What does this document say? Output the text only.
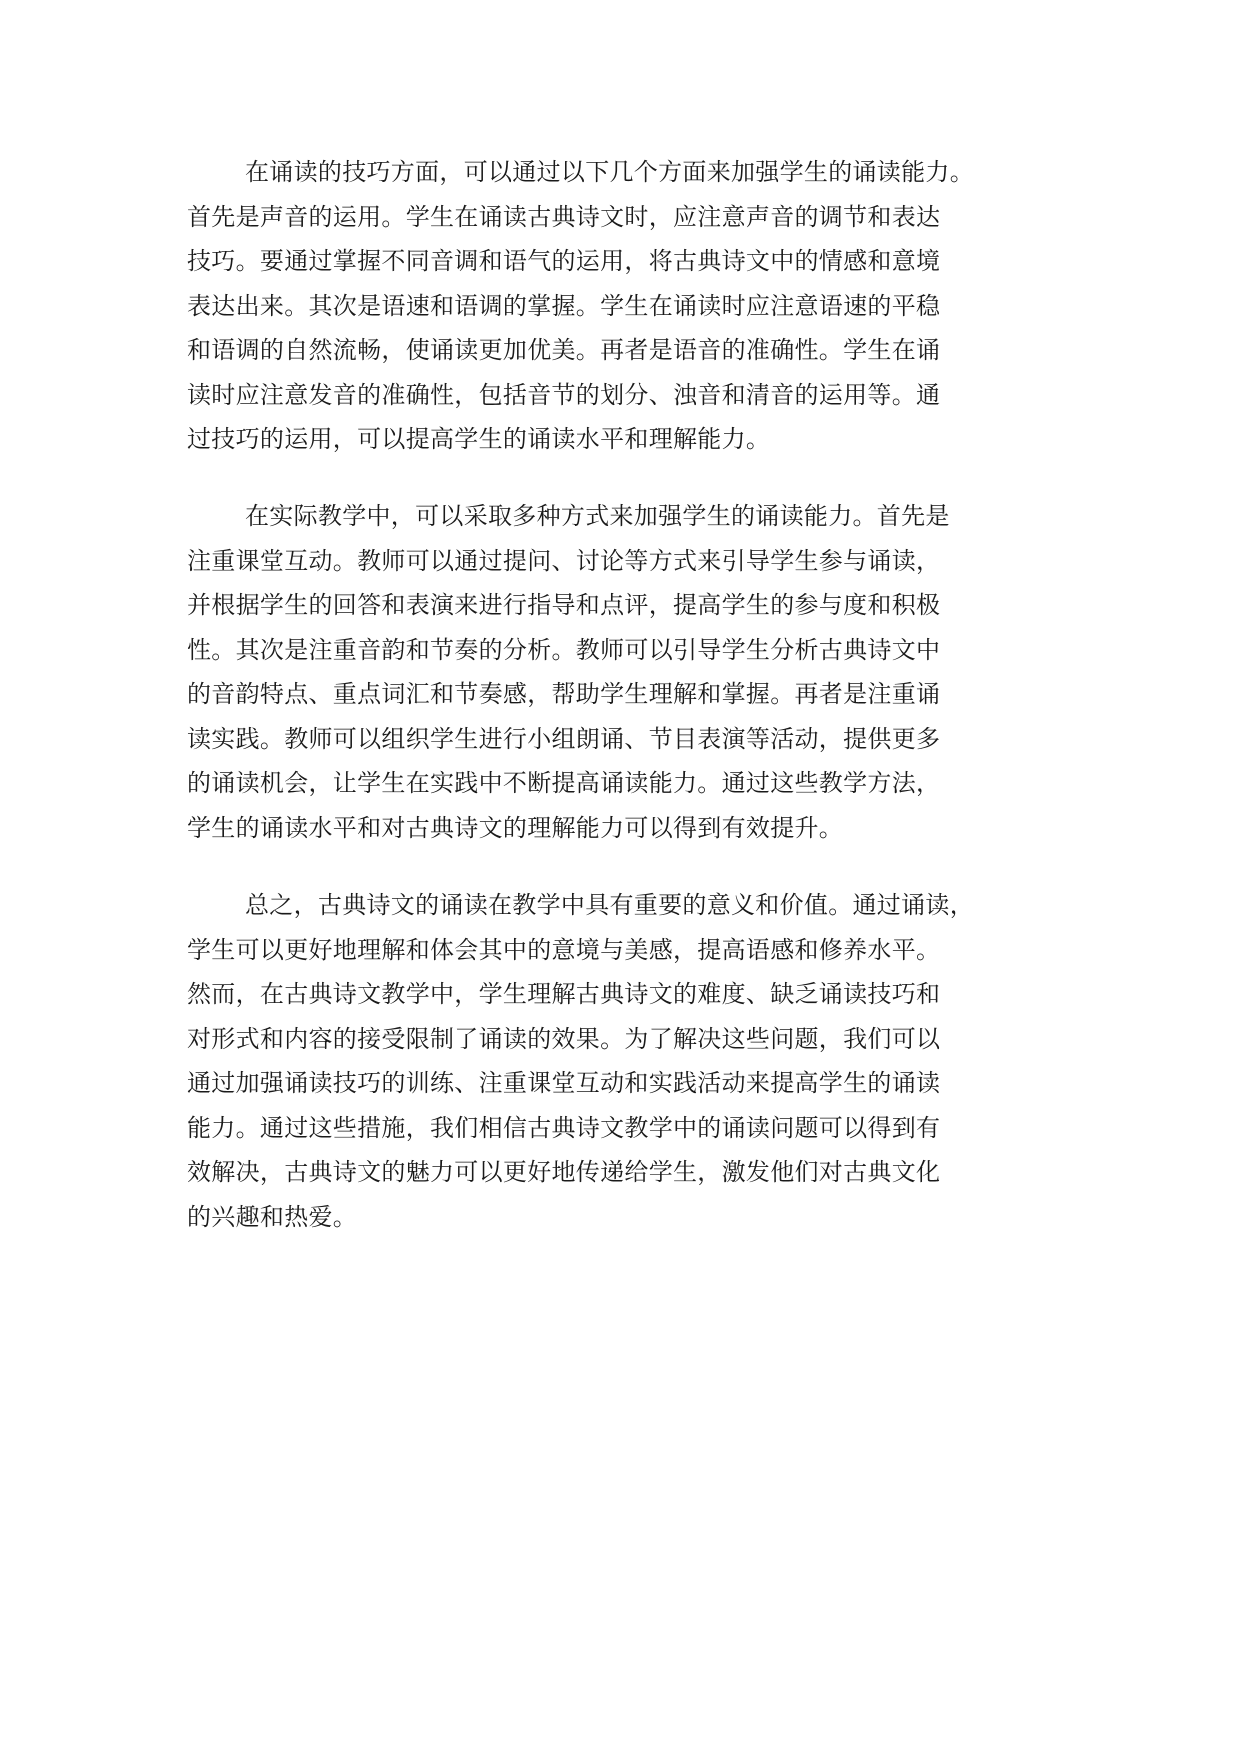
在诵读的技巧方面，可以通过以下几个方面来加强学生的诵读能力。
首先是声音的运用。学生在诵读古典诗文时，应注意声音的调节和表达
技巧。要通过掌握不同音调和语气的运用，将古典诗文中的情感和意境
表达出来。其次是语速和语调的掌握。学生在诵读时应注意语速的平稳
和语调的自然流畅，使诵读更加优美。再者是语音的准确性。学生在诵
读时应注意发音的准确性，包括音节的划分、浊音和清音的运用等。通
过技巧的运用，可以提高学生的诵读水平和理解能力。
在实际教学中，可以采取多种方式来加强学生的诵读能力。首先是
注重课堂互动。教师可以通过提问、讨论等方式来引导学生参与诵读，
并根据学生的回答和表演来进行指导和点评，提高学生的参与度和积极
性。其次是注重音韵和节奏的分析。教师可以引导学生分析古典诗文中
的音韵特点、重点词汇和节奏感，帮助学生理解和掌握。再者是注重诵
读实践。教师可以组织学生进行小组朗诵、节目表演等活动，提供更多
的诵读机会，让学生在实践中不断提高诵读能力。通过这些教学方法，
学生的诵读水平和对古典诗文的理解能力可以得到有效提升。
总之，古典诗文的诵读在教学中具有重要的意义和价值。通过诵读，
学生可以更好地理解和体会其中的意境与美感，提高语感和修养水平。
然而，在古典诗文教学中，学生理解古典诗文的难度、缺乏诵读技巧和
对形式和内容的接受限制了诵读的效果。为了解决这些问题，我们可以
通过加强诵读技巧的训练、注重课堂互动和实践活动来提高学生的诵读
能力。通过这些措施，我们相信古典诗文教学中的诵读问题可以得到有
效解决，古典诗文的魅力可以更好地传递给学生，激发他们对古典文化
的兴趣和热爱。
